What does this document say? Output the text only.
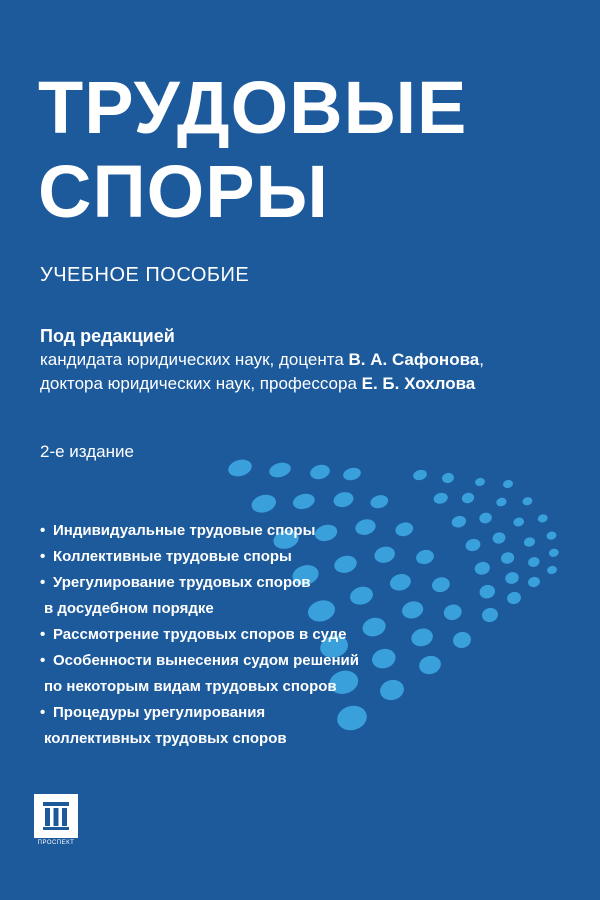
ТРУДОВЫЕ
СПОРЫ
УЧЕБНОЕ ПОСОБИЕ
Под редакцией
кандидата юридических наук, доцента В. А. Сафонова,
доктора юридических наук, профессора Е. Б. Хохлова
2-е издание
• Индивидуальные трудовые споры
• Коллективные трудовые споры
• Урегулирование трудовых споров
в досудебном порядке
• Рассмотрение трудовых споров в суде
• Особенности вынесения судом решений
по некоторым видам трудовых споров
• Процедуры урегулирования
коллективных трудовых споров
ПРОСПЕКТ
